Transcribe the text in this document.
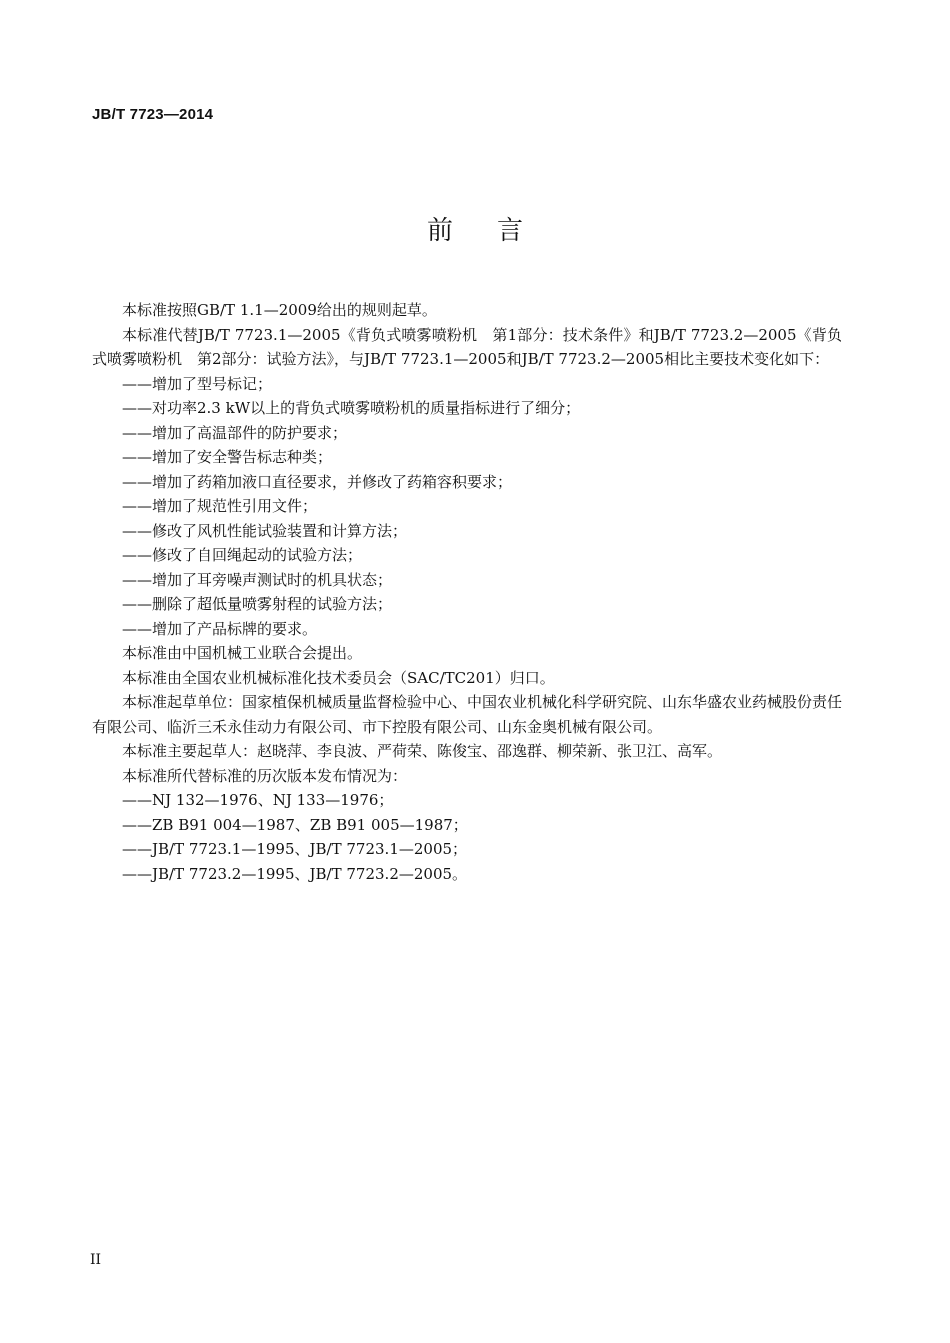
JB/T 7723—2014
前言

本标准按照GB/T 1.1—2009给出的规则起草。

本标准代替JB/T 7723.1—2005《背负式喷雾喷粉机　第1部分：技术条件》和JB/T 7723.2—2005《背负式喷雾喷粉机　第2部分：试验方法》，与JB/T 7723.1—2005和JB/T 7723.2—2005相比主要技术变化如下：

——增加了型号标记；
——对功率2.3 kW以上的背负式喷雾喷粉机的质量指标进行了细分；
——增加了高温部件的防护要求；
——增加了安全警告标志种类；
——增加了药箱加液口直径要求，并修改了药箱容积要求；
——增加了规范性引用文件；
——修改了风机性能试验装置和计算方法；
——修改了自回绳起动的试验方法；
——增加了耳旁噪声测试时的机具状态；
——删除了超低量喷雾射程的试验方法；
——增加了产品标牌的要求。

本标准由中国机械工业联合会提出。

本标准由全国农业机械标准化技术委员会（SAC/TC201）归口。

本标准起草单位：国家植保机械质量监督检验中心、中国农业机械化科学研究院、山东华盛农业药械股份责任有限公司、临沂三禾永佳动力有限公司、市下控股有限公司、山东金奥机械有限公司。

本标准主要起草人：赵晓萍、李良波、严荷荣、陈俊宝、邵逸群、柳荣新、张卫江、高军。

本标准所代替标准的历次版本发布情况为：

——NJ 132—1976、NJ 133—1976；
——ZB B91 004—1987、ZB B91 005—1987；
——JB/T 7723.1—1995、JB/T 7723.1—2005；
——JB/T 7723.2—1995、JB/T 7723.2—2005。
II
